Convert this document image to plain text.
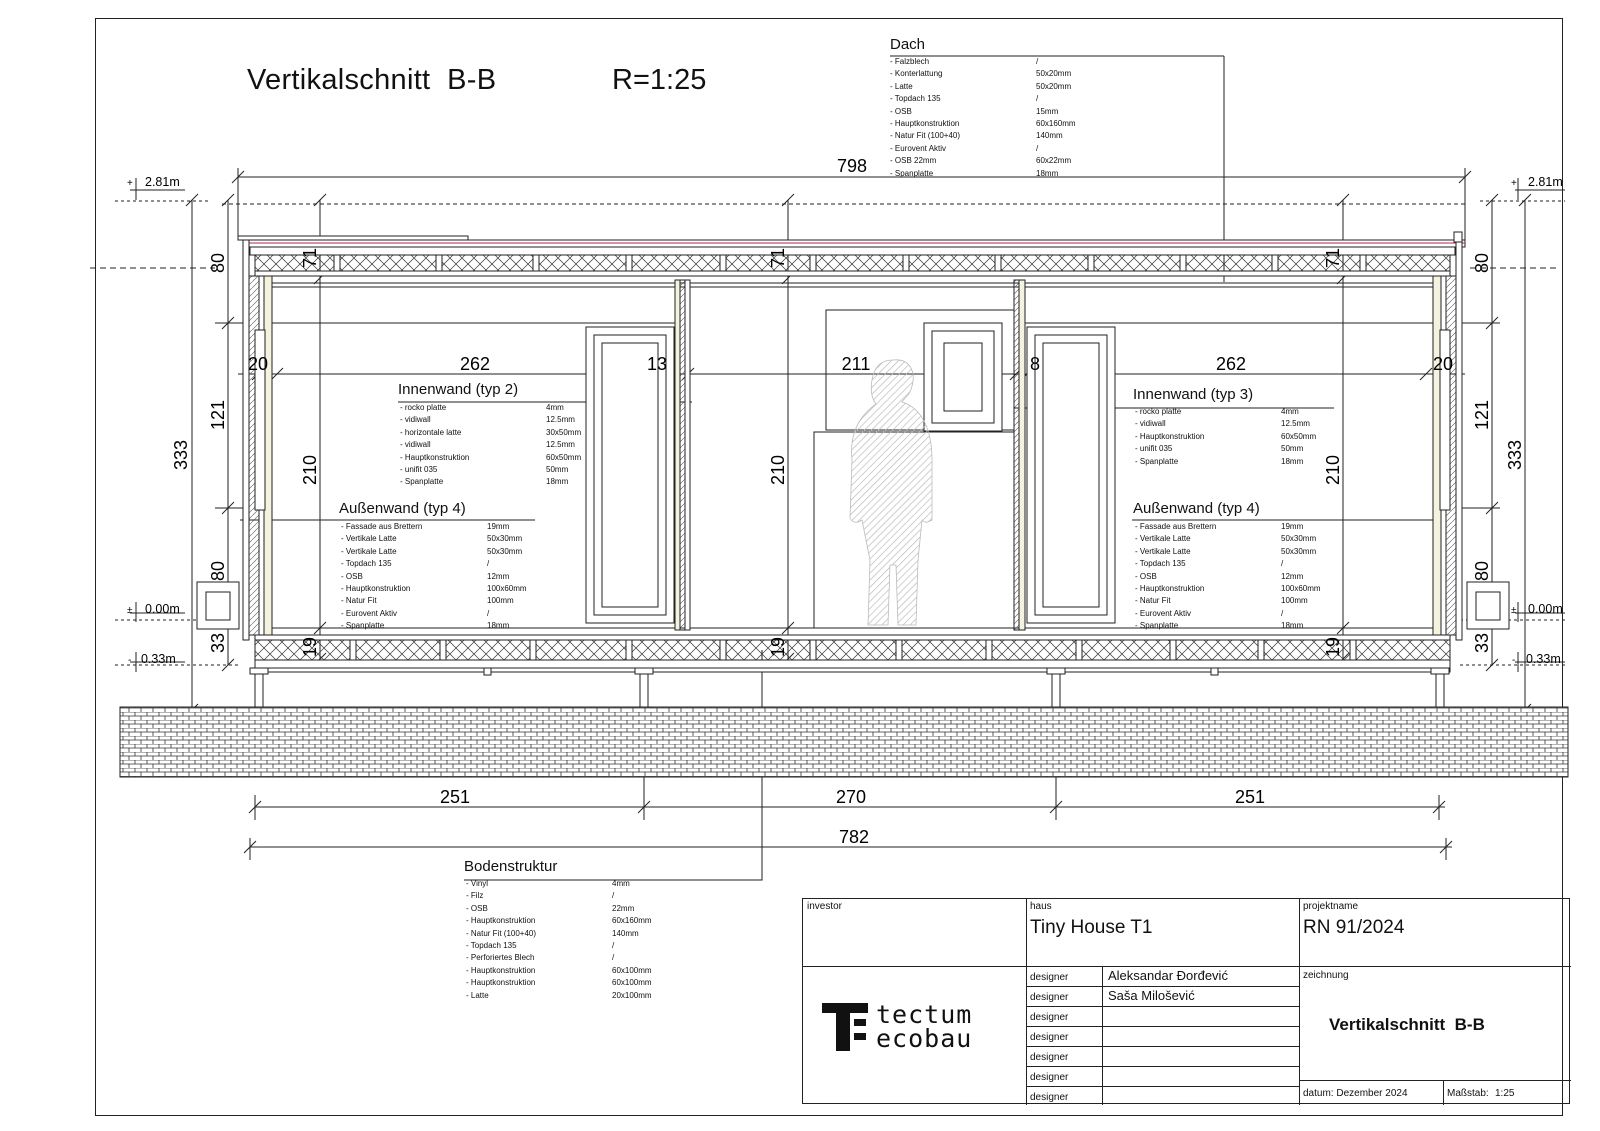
Vertikalschnitt  B-B	R=1:25
798
782
251	270	251
262	211	262
20	20
13	8
80
121
80
33
333
80
121
80
33
333
210	210	210
71	71	71
19	19	19
+ 2.81m	+ 2.81m
± 0.00m	± 0.00m
- 0.33m	- 0.33m
Dach
- Falzblech	/
- Konterlattung	50x20mm
- Latte	50x20mm
- Topdach 135	/
- OSB	15mm
- Hauptkonstruktion	60x160mm
- Natur Fit (100+40)	140mm
- Eurovent Aktiv	/
- OSB 22mm	60x22mm
- Spanplatte	18mm
Innenwand (typ 2)
- rocko platte	4mm
- vidiwall	12.5mm
- horizontale latte	30x50mm
- vidiwall	12.5mm
- Hauptkonstruktion	60x50mm
- unifit 035	50mm
- Spanplatte	18mm
Innenwand (typ 3)
- rocko platte	4mm
- vidiwall	12.5mm
- Hauptkonstruktion	60x50mm
- unifit 035	50mm
- Spanplatte	18mm
Außenwand (typ 4)
- Fassade aus Brettern	19mm
- Vertikale Latte	50x30mm
- Vertikale Latte	50x30mm
- Topdach 135	/
- OSB	12mm
- Hauptkonstruktion	100x60mm
- Natur Fit	100mm
- Eurovent Aktiv	/
- Spanplatte	18mm
Außenwand (typ 4)
- Fassade aus Brettern	19mm
- Vertikale Latte	50x30mm
- Vertikale Latte	50x30mm
- Topdach 135	/
- OSB	12mm
- Hauptkonstruktion	100x60mm
- Natur Fit	100mm
- Eurovent Aktiv	/
- Spanplatte	18mm
Bodenstruktur
- Vinyl	4mm
- Filz	/
- OSB	22mm
- Hauptkonstruktion	60x160mm
- Natur Fit (100+40)	140mm
- Topdach 135	/
- Perforiertes Blech	/
- Hauptkonstruktion	60x100mm
- Hauptkonstruktion	60x100mm
- Latte	20x100mm
investor	haus
Tiny House T1
projektname
RN 91/2024
designer	Aleksandar Đorđević
designer	Saša Milošević
designer
designer
designer
designer
designer
zeichnung
Vertikalschnitt  B-B
datum: Dezember 2024	Maßstab: 1:25
tectum
ecobau
